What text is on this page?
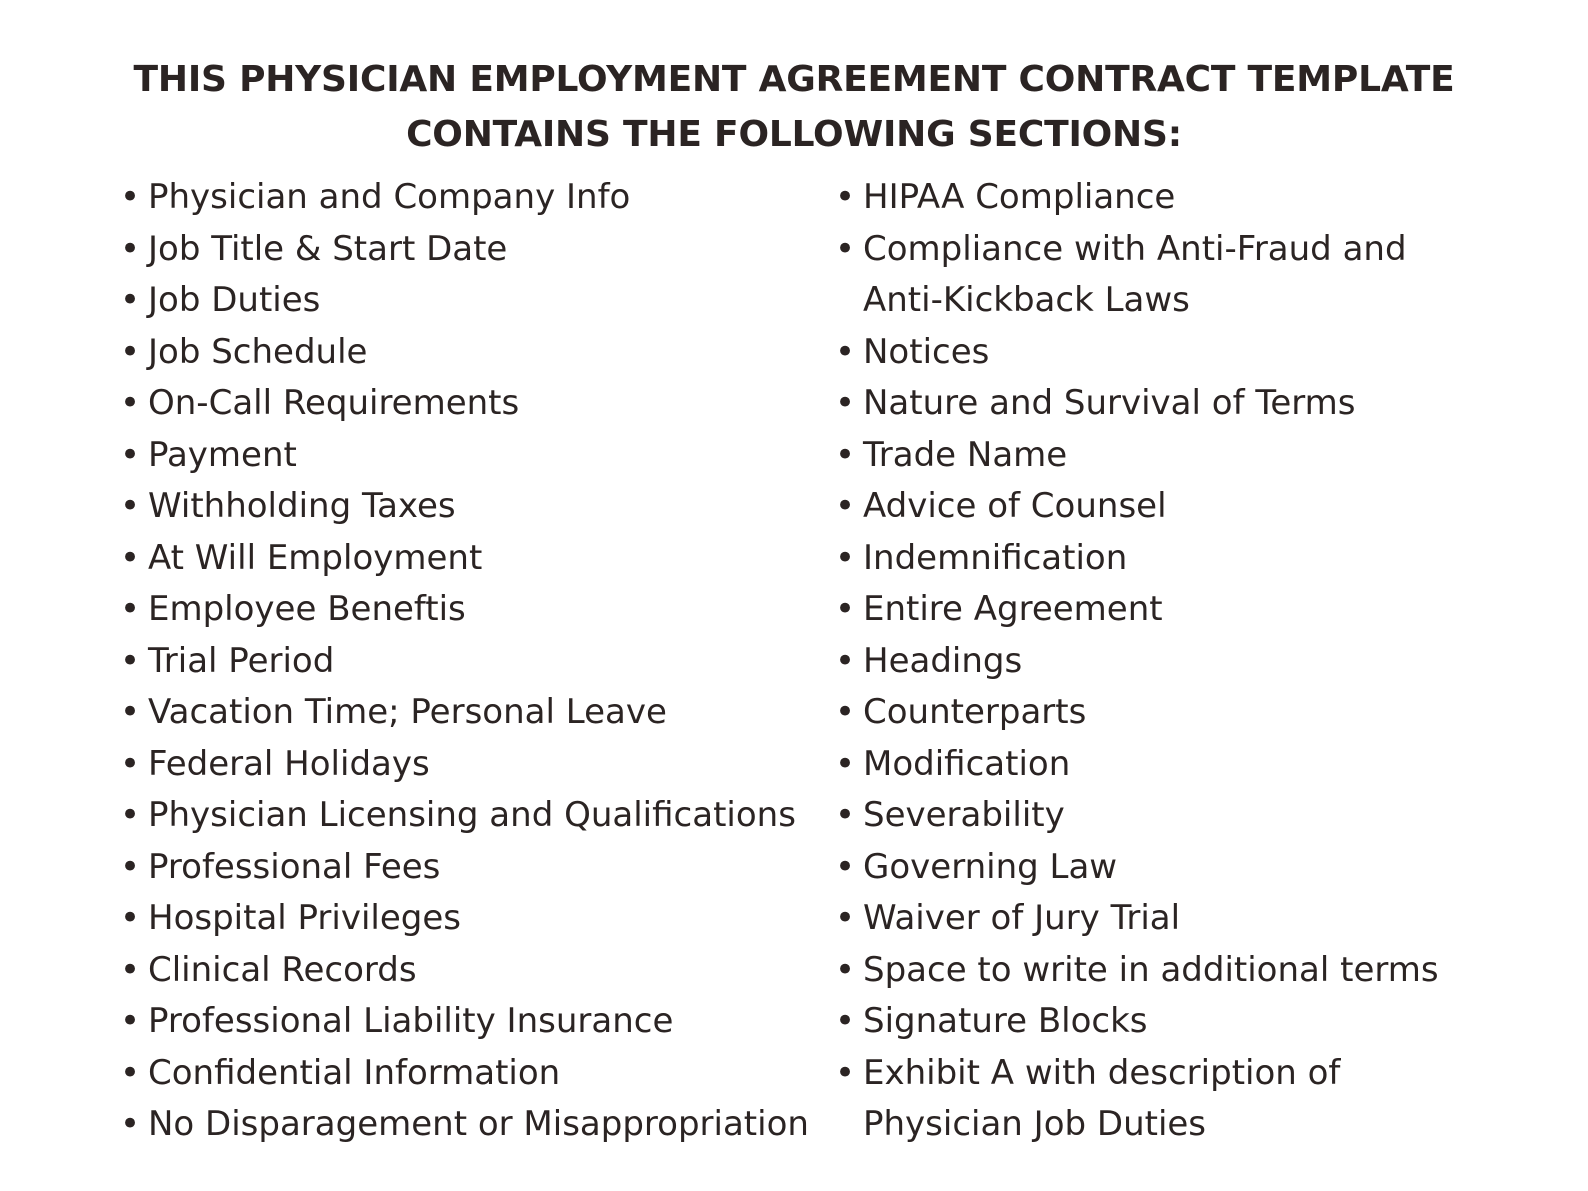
THIS PHYSICIAN EMPLOYMENT AGREEMENT CONTRACT TEMPLATE
CONTAINS THE FOLLOWING SECTIONS:
• Physician and Company Info
• Job Title & Start Date
• Job Duties
• Job Schedule
• On-Call Requirements
• Payment
• Withholding Taxes
• At Will Employment
• Employee Beneftis
• Trial Period
• Vacation Time; Personal Leave
• Federal Holidays
• Physician Licensing and Qualifications
• Professional Fees
• Hospital Privileges
• Clinical Records
• Professional Liability Insurance
• Confidential Information
• No Disparagement or Misappropriation
• HIPAA Compliance
• Compliance with Anti-Fraud and Anti-Kickback Laws
• Notices
• Nature and Survival of Terms
• Trade Name
• Advice of Counsel
• Indemnification
• Entire Agreement
• Headings
• Counterparts
• Modification
• Severability
• Governing Law
• Waiver of Jury Trial
• Space to write in additional terms
• Signature Blocks
• Exhibit A with description of Physician Job Duties
